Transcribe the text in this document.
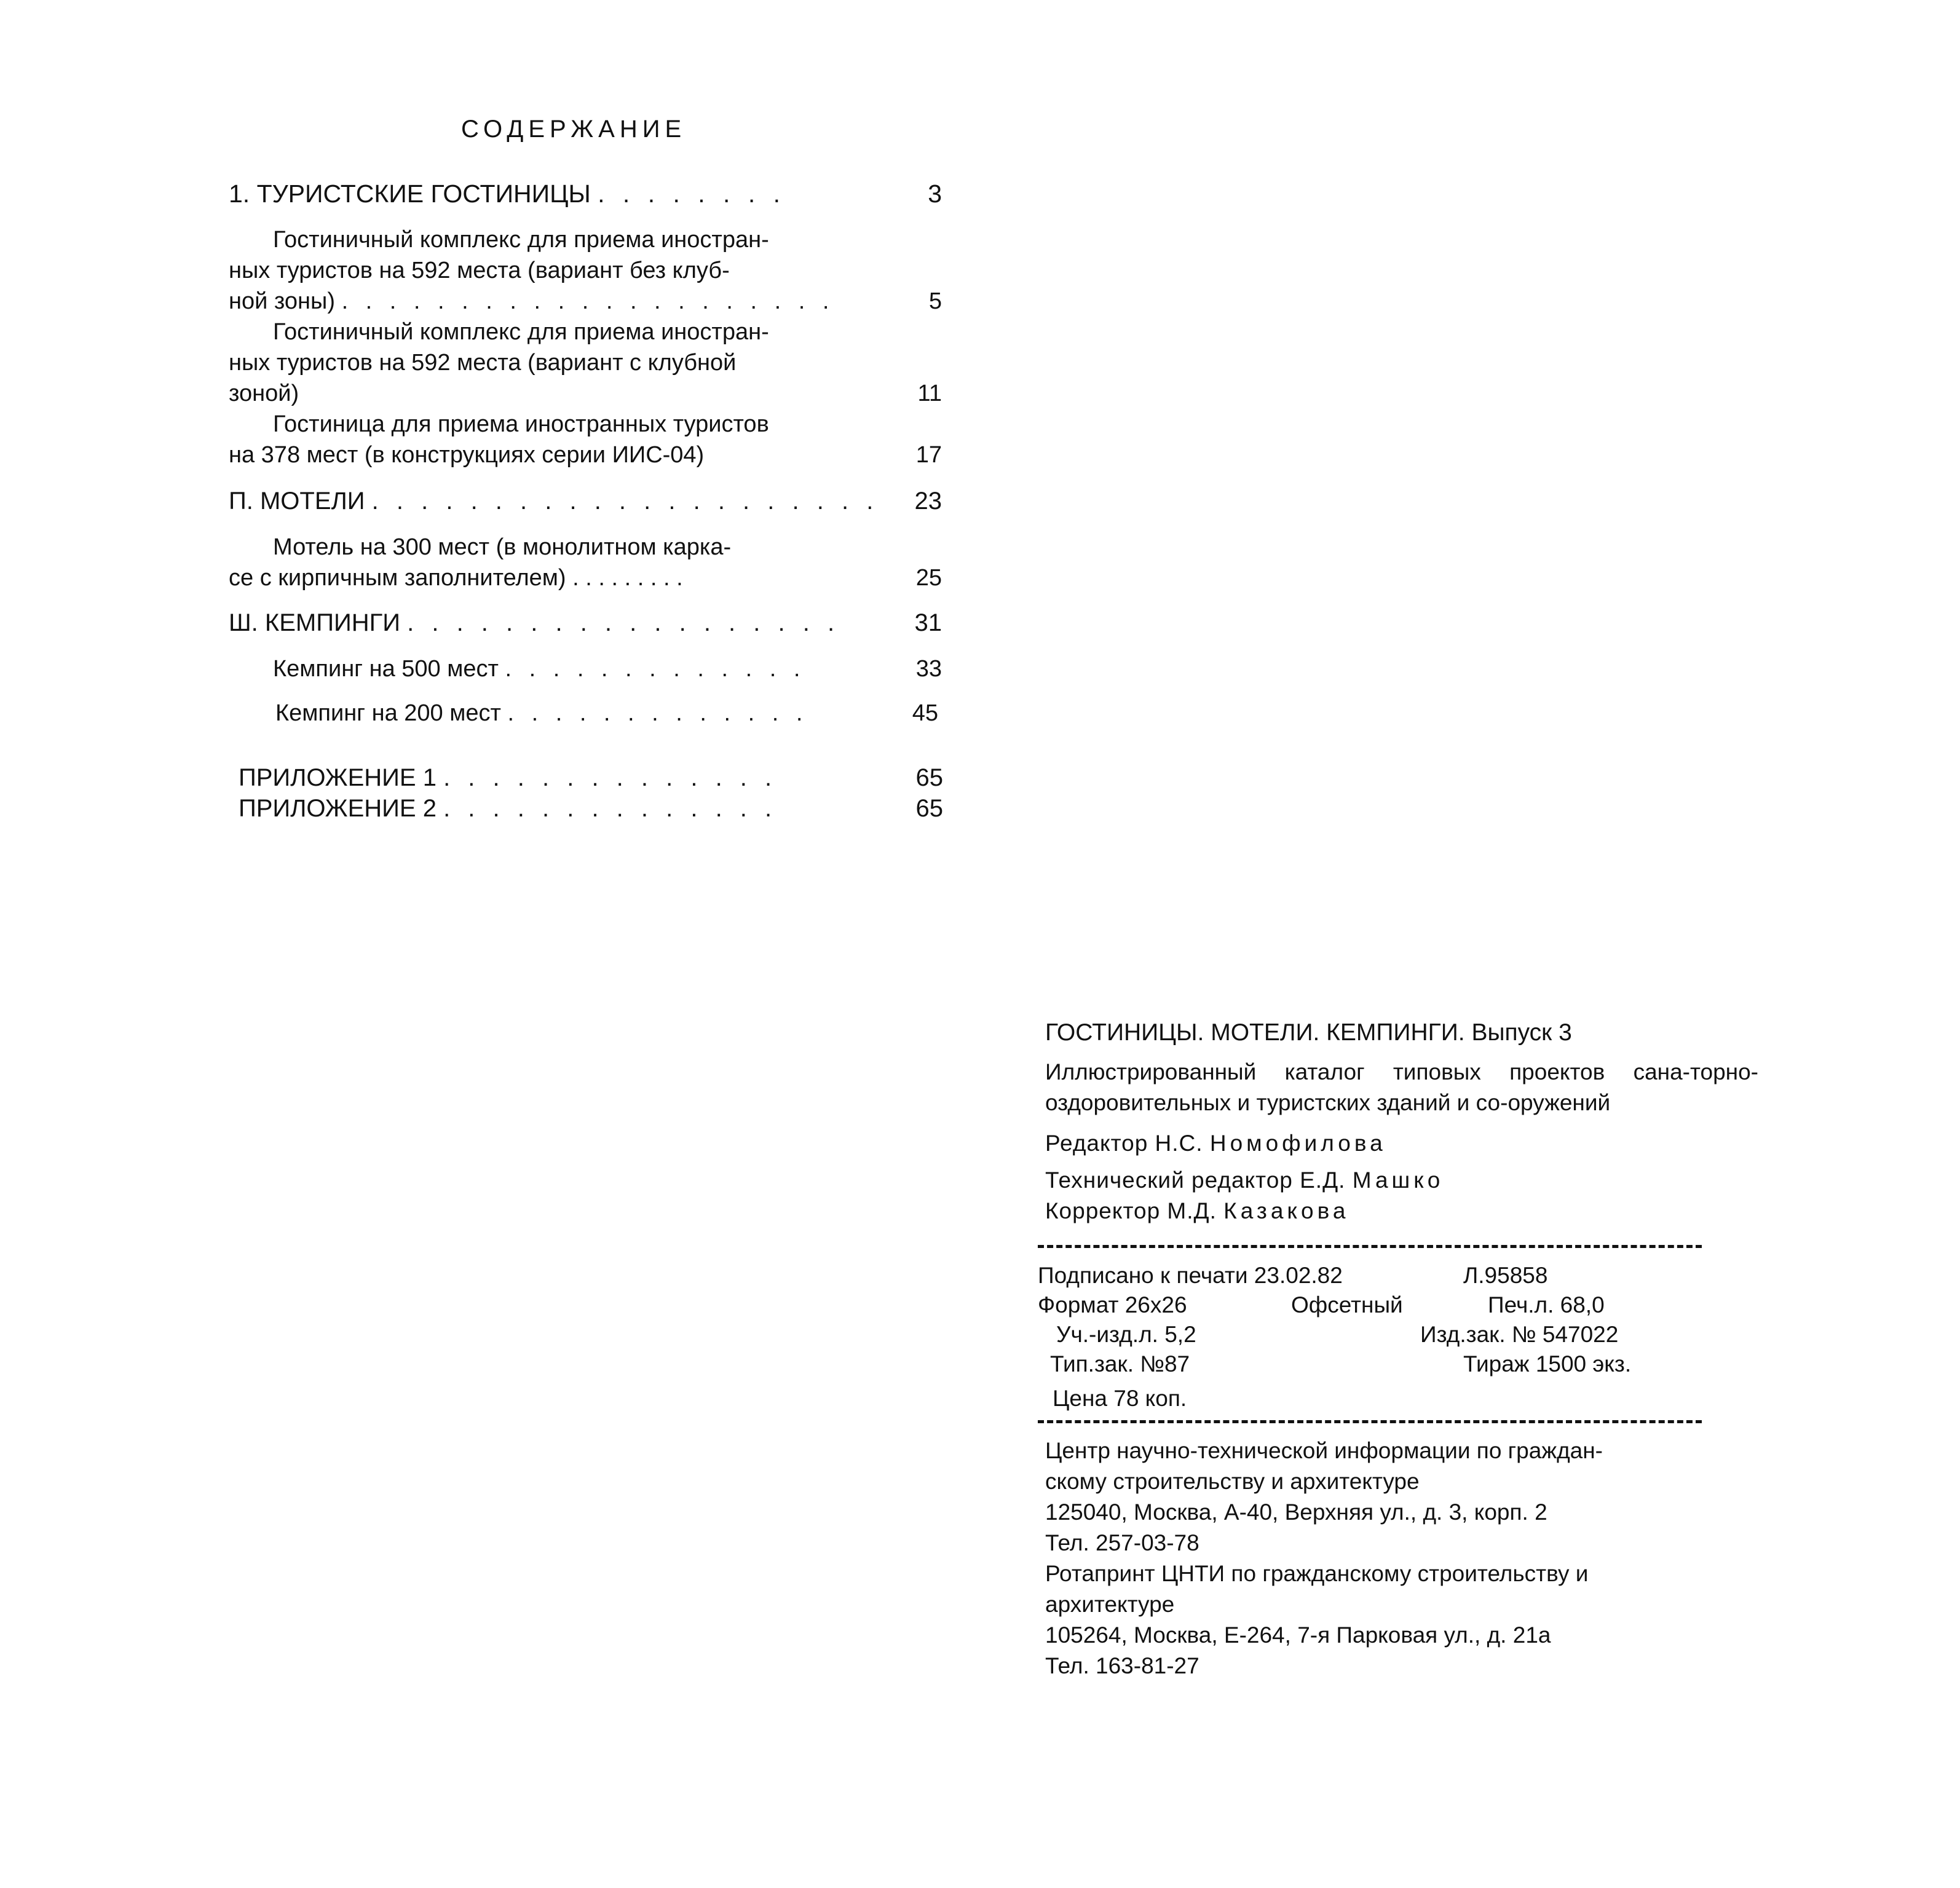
СОДЕРЖАНИЕ
1. ТУРИСТСКИЕ ГОСТИНИЦЫ . . . . . . . .	3
Гостиничный комплекс для приема иностран-
ных туристов на 592 места (вариант без клуб-
ной зоны) . . . . . . . . . . . . . . . . . . . . .	5
Гостиничный комплекс для приема иностран-
ных туристов на 592 места (вариант с клубной
зоной)	11
Гостиница для приема иностранных туристов
на 378 мест (в конструкциях серии ИИС-04)	17
П. МОТЕЛИ . . . . . . . . . . . . . . . . . . . . .	23
Мотель на 300 мест (в монолитном карка-
се с кирпичным заполнителем) . . . . . . . . .	25
Ш. КЕМПИНГИ . . . . . . . . . . . . . . . . . .	31
Кемпинг на 500 мест . . . . . . . . . . . . .	33
Кемпинг на 200 мест . . . . . . . . . . . . .	45
ПРИЛОЖЕНИЕ 1 . . . . . . . . . . . . . .	65
ПРИЛОЖЕНИЕ 2 . . . . . . . . . . . . . .	65
ГОСТИНИЦЫ. МОТЕЛИ. КЕМПИНГИ. Выпуск 3
Иллюстрированный каталог типовых проектов сана-торно-оздоровительных и туристских зданий и со-оружений
Редактор Н.С. Номофилова
Технический редактор Е.Д. Машко
Корректор М.Д. Казакова
Подписано к печати 23.02.82	Л.95858
Формат 26х26	Офсетный	Печ.л. 68,0
Уч.-изд.л. 5,2	Изд.зак. № 547022
Тип.зак. №87	Тираж 1500 экз.
Цена 78 коп.
Центр научно-технической информации по граждан-
скому строительству и архитектуре
125040, Москва, А-40, Верхняя ул., д. 3, корп. 2
Тел. 257-03-78
Ротапринт ЦНТИ по гражданскому строительству и
архитектуре
105264, Москва, Е-264, 7-я Парковая ул., д. 21а
Тел. 163-81-27
